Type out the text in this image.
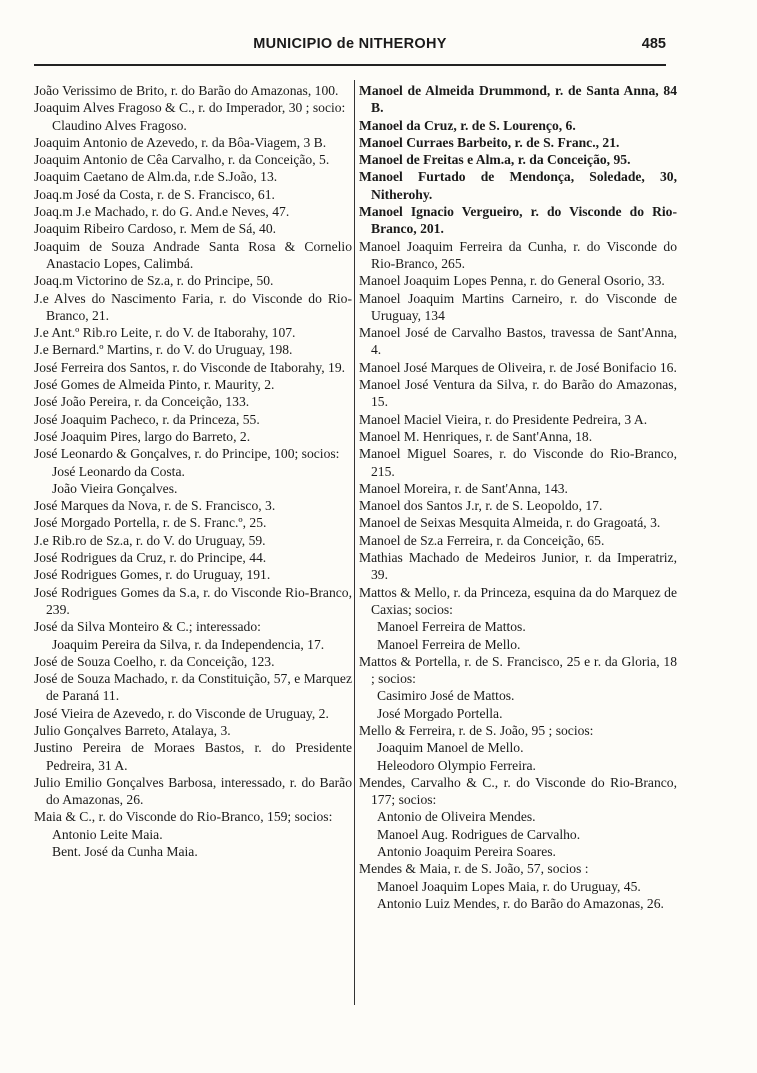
MUNICIPIO de NITHEROHY	485
João Verissimo de Brito, r. do Barão do Amazonas, 100.
Joaquim Alves Fragoso & C., r. do Imperador, 30 ; socio:
Claudino Alves Fragoso.
Joaquim Antonio de Azevedo, r. da Bôa-Viagem, 3 B.
Joaquim Antonio de Cêa Carvalho, r. da Conceição, 5.
Joaquim Caetano de Alm.da, r.de S.João, 13.
Joaq.m José da Costa, r. de S. Francisco, 61.
Joaq.m J.e Machado, r. do G. And.e Neves, 47.
Joaquim Ribeiro Cardoso, r. Mem de Sá, 40.
Joaquim de Souza Andrade Santa Rosa & Cornelio Anastacio Lopes, Calimbá.
Joaq.m Victorino de Sz.a, r. do Principe, 50.
J.e Alves do Nascimento Faria, r. do Visconde do Rio-Branco, 21.
J.e Ant.º Rib.ro Leite, r. do V. de Itaborahy, 107.
J.e Bernard.º Martins, r. do V. do Uruguay, 198.
José Ferreira dos Santos, r. do Visconde de Itaborahy, 19.
José Gomes de Almeida Pinto, r. Maurity, 2.
José João Pereira, r. da Conceição, 133.
José Joaquim Pacheco, r. da Princeza, 55.
José Joaquim Pires, largo do Barreto, 2.
José Leonardo & Gonçalves, r. do Principe, 100; socios:
José Leonardo da Costa.
João Vieira Gonçalves.
José Marques da Nova, r. de S. Francisco, 3.
José Morgado Portella, r. de S. Franc.º, 25.
J.e Rib.ro de Sz.a, r. do V. do Uruguay, 59.
José Rodrigues da Cruz, r. do Principe, 44.
José Rodrigues Gomes, r. do Uruguay, 191.
José Rodrigues Gomes da S.a, r. do Visconde Rio-Branco, 239.
José da Silva Monteiro & C.; interessado:
Joaquim Pereira da Silva, r. da Independencia, 17.
José de Souza Coelho, r. da Conceição, 123.
José de Souza Machado, r. da Constituição, 57, e Marquez de Paraná 11.
José Vieira de Azevedo, r. do Visconde de Uruguay, 2.
Julio Gonçalves Barreto, Atalaya, 3.
Justino Pereira de Moraes Bastos, r. do Presidente Pedreira, 31 A.
Julio Emilio Gonçalves Barbosa, interessado, r. do Barão do Amazonas, 26.
Maia & C., r. do Visconde do Rio-Branco, 159; socios:
Antonio Leite Maia.
Bent. José da Cunha Maia.
Manoel de Almeida Drummond, r. de Santa Anna, 84 B.
Manoel da Cruz, r. de S. Lourenço, 6.
Manoel Curraes Barbeito, r. de S. Franc., 21.
Manoel de Freitas e Alm.a, r. da Conceição, 95.
Manoel Furtado de Mendonça, Soledade, 30, Nitherohy.
Manoel Ignacio Vergueiro, r. do Visconde do Rio-Branco, 201.
Manoel Joaquim Ferreira da Cunha, r. do Visconde do Rio-Branco, 265.
Manoel Joaquim Lopes Penna, r. do General Osorio, 33.
Manoel Joaquim Martins Carneiro, r. do Visconde de Uruguay, 134
Manoel José de Carvalho Bastos, travessa de Sant'Anna, 4.
Manoel José Marques de Oliveira, r. de José Bonifacio 16.
Manoel José Ventura da Silva, r. do Barão do Amazonas, 15.
Manoel Maciel Vieira, r. do Presidente Pedreira, 3 A.
Manoel M. Henriques, r. de Sant'Anna, 18.
Manoel Miguel Soares, r. do Visconde do Rio-Branco, 215.
Manoel Moreira, r. de Sant'Anna, 143.
Manoel dos Santos J.r, r. de S. Leopoldo, 17.
Manoel de Seixas Mesquita Almeida, r. do Gragoatá, 3.
Manoel de Sz.a Ferreira, r. da Conceição, 65.
Mathias Machado de Medeiros Junior, r. da Imperatriz, 39.
Mattos & Mello, r. da Princeza, esquina da do Marquez de Caxias; socios:
Manoel Ferreira de Mattos.
Manoel Ferreira de Mello.
Mattos & Portella, r. de S. Francisco, 25 e r. da Gloria, 18 ; socios:
Casimiro José de Mattos.
José Morgado Portella.
Mello & Ferreira, r. de S. João, 95 ; socios:
Joaquim Manoel de Mello.
Heleodoro Olympio Ferreira.
Mendes, Carvalho & C., r. do Visconde do Rio-Branco, 177; socios:
Antonio de Oliveira Mendes.
Manoel Aug. Rodrigues de Carvalho.
Antonio Joaquim Pereira Soares.
Mendes & Maia, r. de S. João, 57, socios :
Manoel Joaquim Lopes Maia, r. do Uruguay, 45.
Antonio Luiz Mendes, r. do Barão do Amazonas, 26.
